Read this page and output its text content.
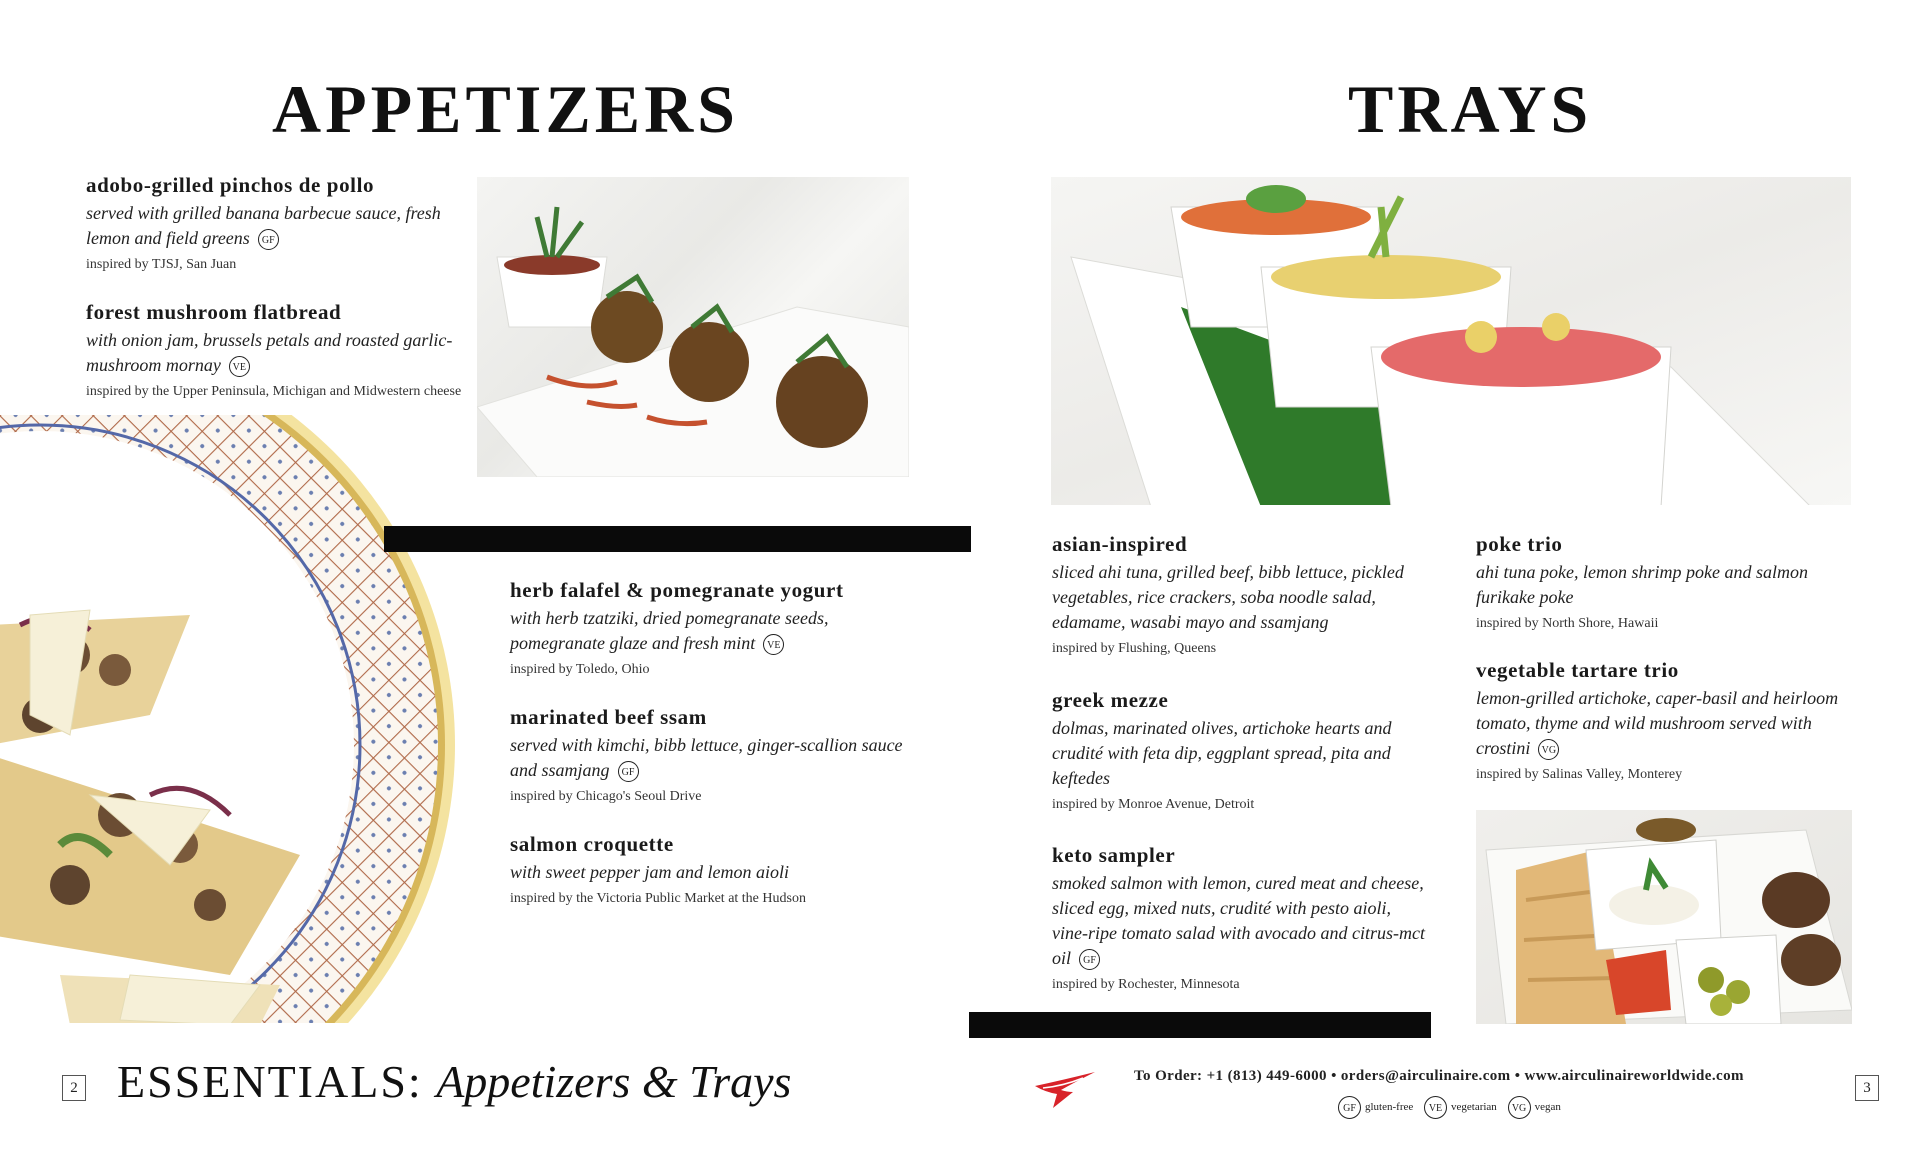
APPETIZERS
adobo-grilled pinchos de pollo
served with grilled banana barbecue sauce, fresh lemon and field greens GF
inspired by TJSJ, San Juan
forest mushroom flatbread
with onion jam, brussels petals and roasted garlic-mushroom mornay VE
inspired by the Upper Peninsula, Michigan and Midwestern cheese
herb falafel & pomegranate yogurt
with herb tzatziki, dried pomegranate seeds, pomegranate glaze and fresh mint VE
inspired by Toledo, Ohio
marinated beef ssam
served with kimchi, bibb lettuce, ginger-scallion sauce and ssamjang GF
inspired by Chicago's Seoul Drive
salmon croquette
with sweet pepper jam and lemon aioli
inspired by the Victoria Public Market at the Hudson
TRAYS
asian-inspired
sliced ahi tuna, grilled beef, bibb lettuce, pickled vegetables, rice crackers, soba noodle salad, edamame, wasabi mayo and ssamjang
inspired by Flushing, Queens
greek mezze
dolmas, marinated olives, artichoke hearts and crudité with feta dip, eggplant spread, pita and keftedes
inspired by Monroe Avenue, Detroit
keto sampler
smoked salmon with lemon, cured meat and cheese, sliced egg, mixed nuts, crudité with pesto aioli, vine-ripe tomato salad with avocado and citrus-mct oil GF
inspired by Rochester, Minnesota
poke trio
ahi tuna poke, lemon shrimp poke and salmon furikake poke
inspired by North Shore, Hawaii
vegetable tartare trio
lemon-grilled artichoke, caper-basil and heirloom tomato, thyme and wild mushroom served with crostini VG
inspired by Salinas Valley, Monterey
2 ESSENTIALS: Appetizers & Trays	To Order: +1 (813) 449-6000 • orders@airculinaire.com • www.airculinaireworldwide.com
GF gluten-free VE vegetarian VG vegan
3
